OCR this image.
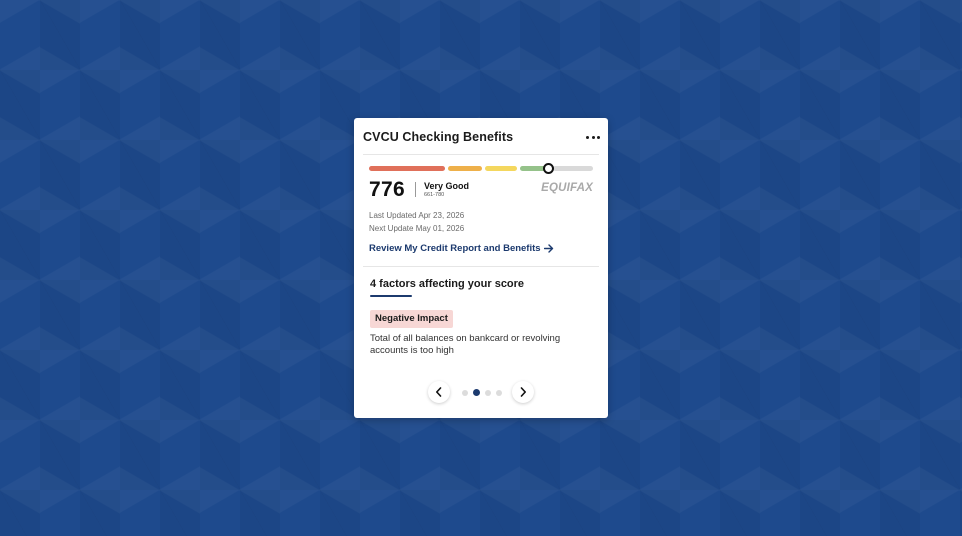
CVCU Checking Benefits
776 Very Good
661-780
EQUIFAX
Last Updated Apr 23, 2026
Next Update May 01, 2026
Review My Credit Report and Benefits
4 factors affecting your score
Negative Impact
Total of all balances on bankcard or revolving accounts is too high
